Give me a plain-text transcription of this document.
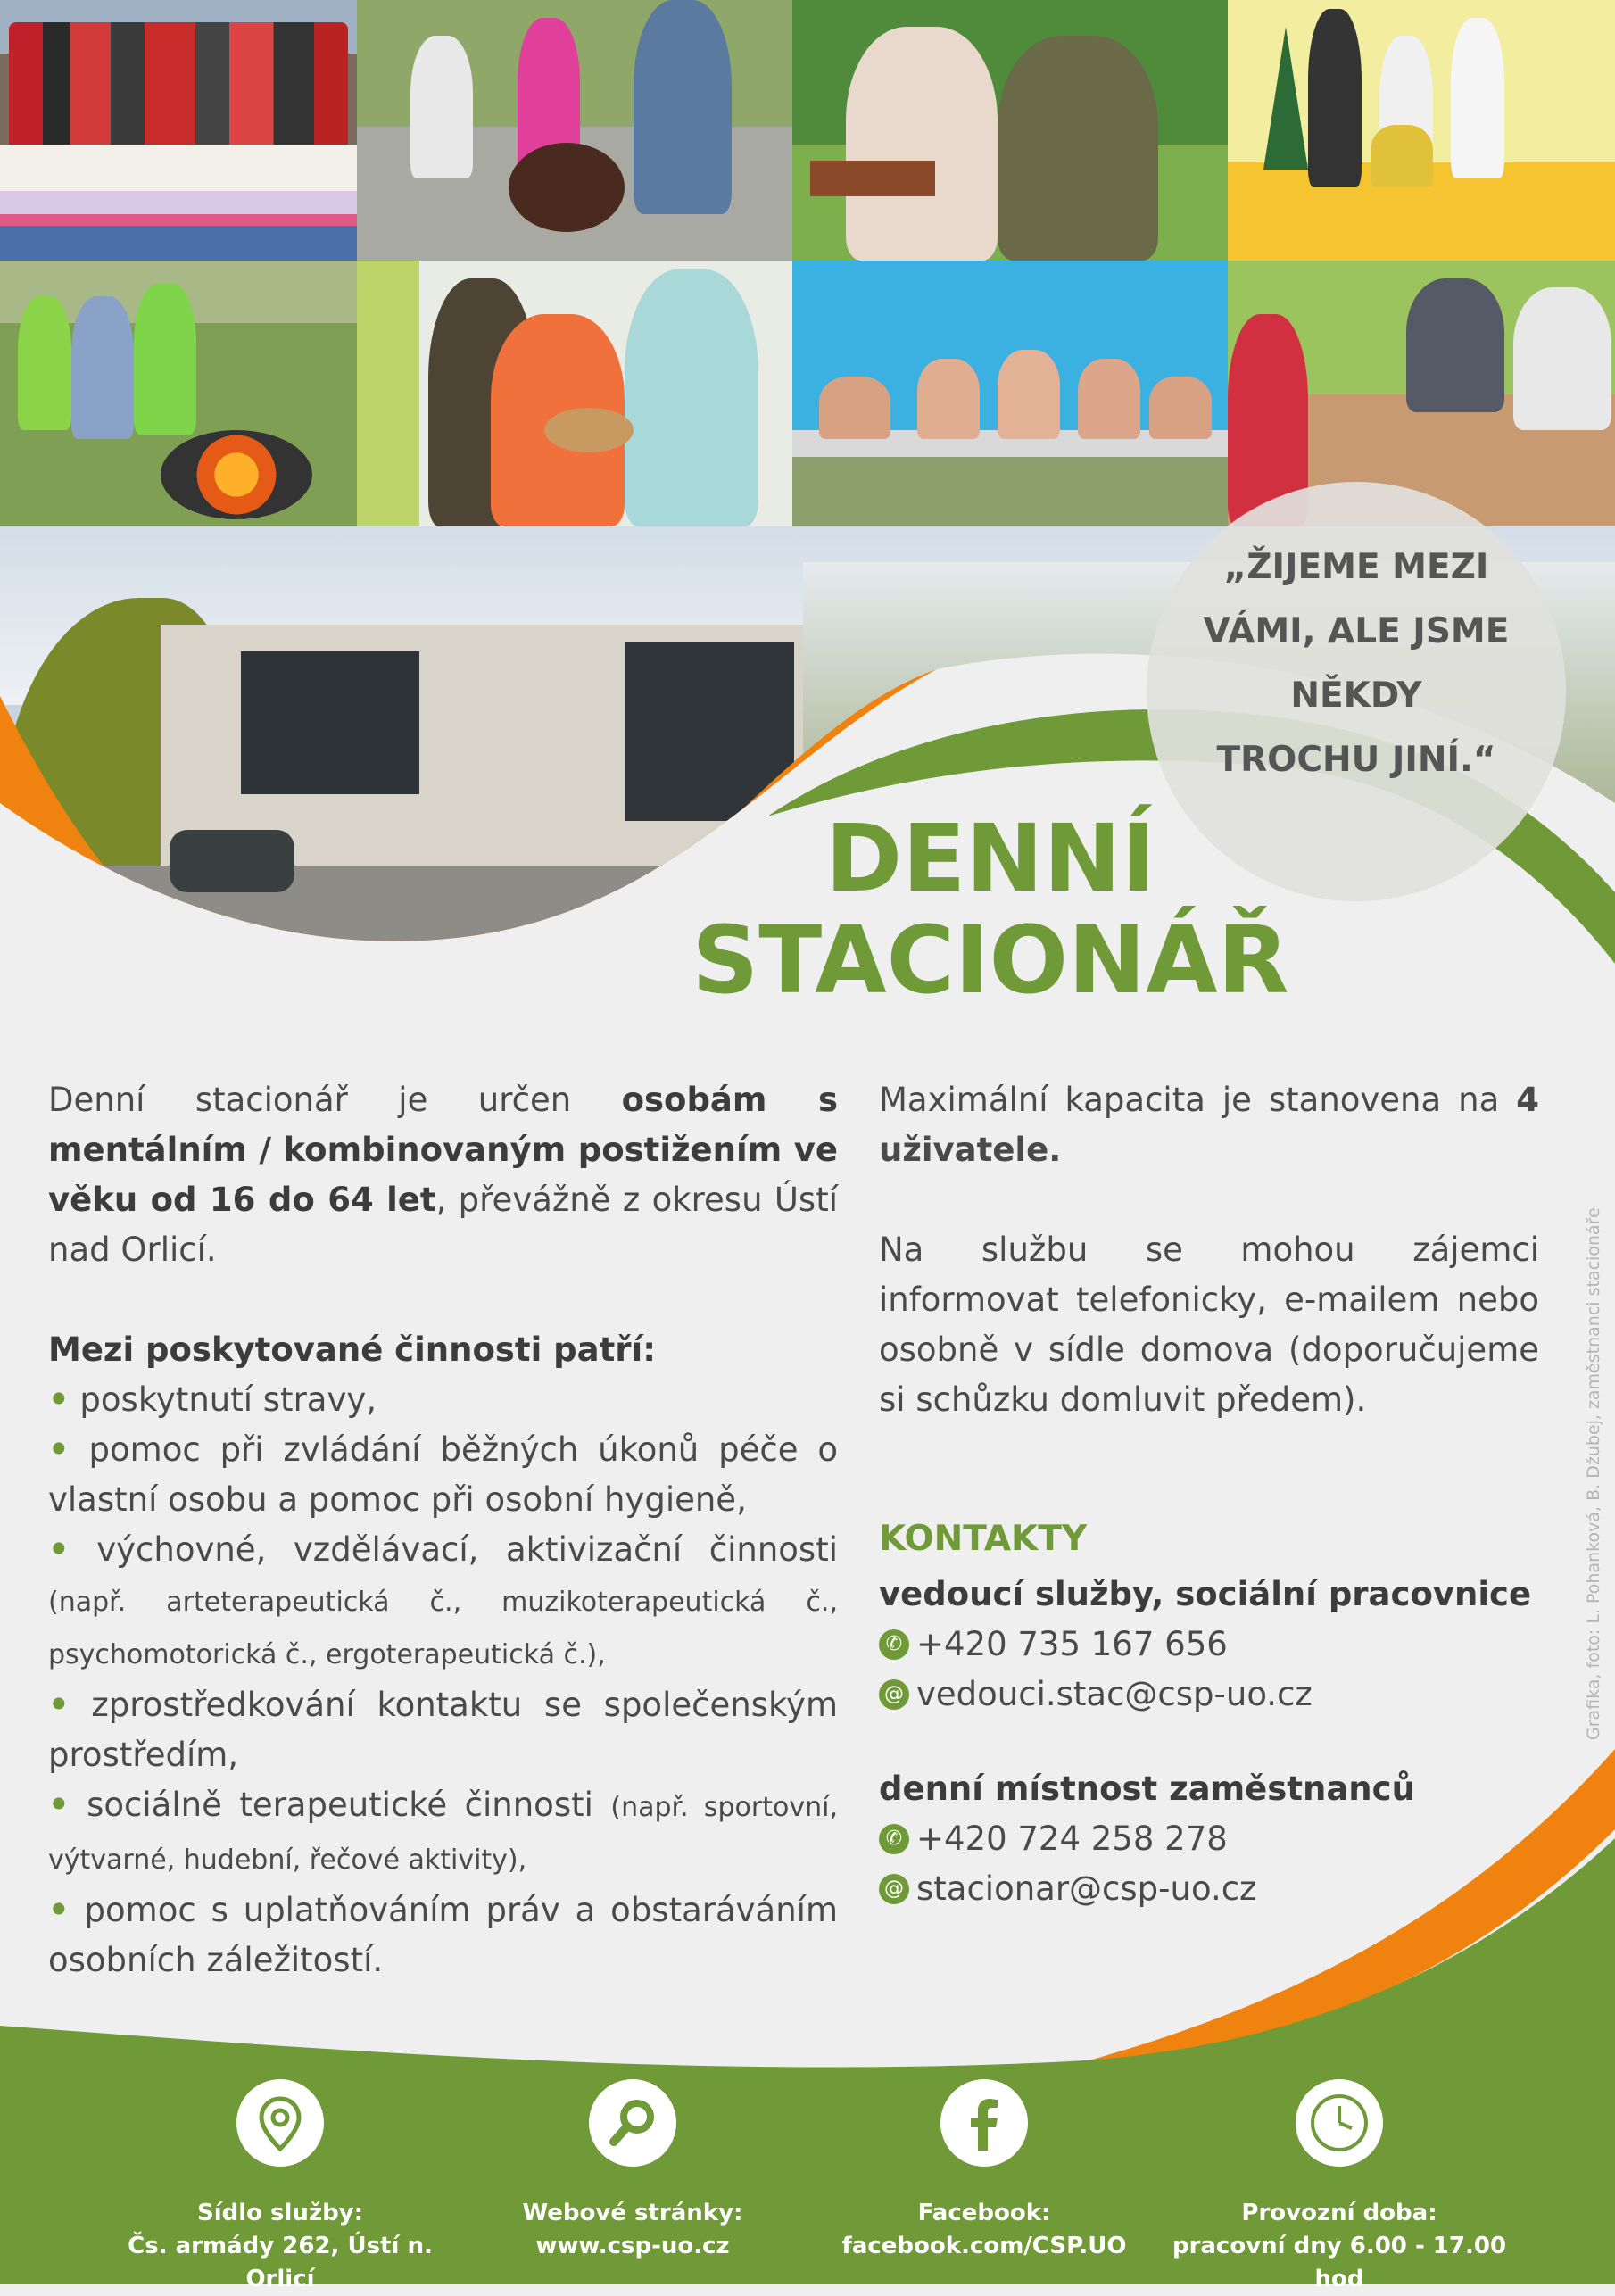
„ŽIJEME MEZI
VÁMI, ALE JSME
NĚKDY
TROCHU JINÍ.“
DENNÍ
STACIONÁŘ

Denní stacionář je určen osobám s mentálním / kombinovaným postižením ve věku od 16 do 64 let, převážně z okresu Ústí nad Orlicí.

Mezi poskytované činnosti patří:
• poskytnutí stravy,
• pomoc při zvládání běžných úkonů péče o vlastní osobu a pomoc při osobní hygieně,
• výchovné, vzdělávací, aktivizační činnosti (např. arteterapeutická č., muzikoterapeutická č., psychomotorická č., ergoterapeutická č.),
• zprostředkování kontaktu se společenským prostředím,
• sociálně terapeutické činnosti (např. sportovní, výtvarné, hudební, řečové aktivity),
• pomoc s uplatňováním práv a obstaráváním osobních záležitostí.

Maximální kapacita je stanovena na 4 uživatele.

Na službu se mohou zájemci informovat telefonicky, e-mailem nebo osobně v sídle domova (doporučujeme si schůzku domluvit předem).

KONTAKTY
vedoucí služby, sociální pracovnice
✆ +420 735 167 656
@ vedouci.stac@csp-uo.cz
denní místnost zaměstnanců
✆ +420 724 258 278
@ stacionar@csp-uo.cz
Grafika, foto: L. Pohanková, B. Džubej, zaměstnanci stacionáře
Sídlo služby:
Čs. armády 262, Ústí n. Orlicí
Webové stránky:
www.csp-uo.cz
Facebook:
facebook.com/CSP.UO
Provozní doba:
pracovní dny 6.00 - 17.00 hod
